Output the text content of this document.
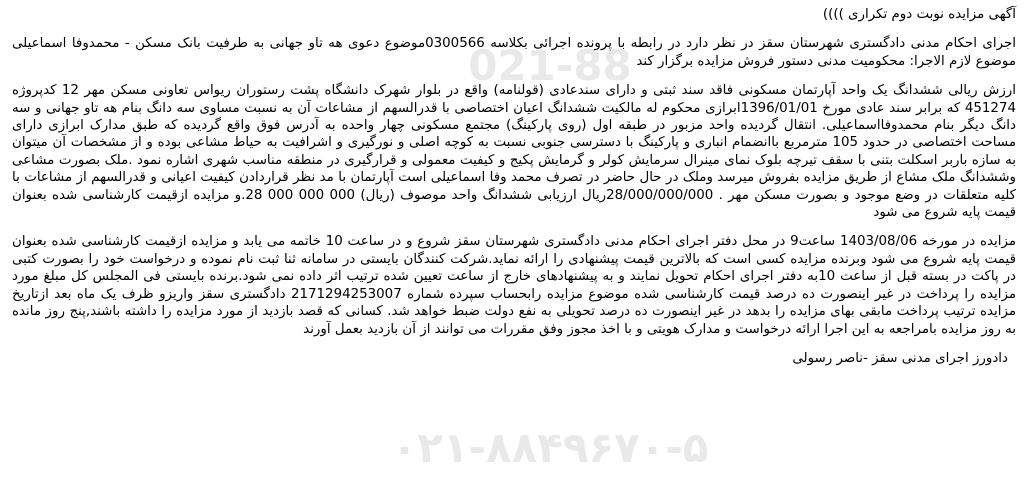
021-88
۰۲۱-۸۸۴۹۶۷۰-۵
آگهی مزایده نوبت دوم تکراری ))))
اجرای احکام مدنی دادگستری شهرستان سقز در نظر دارد در رابطه با پرونده اجرائی بکلاسه 0300566موضوع دعوی هه تاو جهانی به طرفیت بانک مسکن - محمدوفا اسماعیلی موضوع لازم الاجرا: محکومیت مدنی دستور فروش مزایده برگزار کند
ارزش ریالی ششدانگ یک واحد آپارتمان مسکونی فاقد سند ثبتی و دارای سندعادی (قولنامه) واقع در بلوار شهرک دانشگاه پشت رستوران ریواس تعاونی مسکن مهر 12 کدپروژه 451274 که برابر سند عادی مورخ 1396/01/01ابرازی محکوم له مالکیت ششدانگ اعیان اختصاصی با قدرالسهم از مشاعات آن به نسبت مساوی سه دانگ بنام هه تاو جهانی و سه دانگ دیگر بنام محمدوفااسماعیلی. انتقال گردیده واحد مزبور در طبقه اول (روی پارکینگ) مجتمع مسکونی چهار واحده به آدرس فوق واقع گردیده که طبق مدارک ابرازی دارای مساحت اختصاصی در حدود 105 مترمربع باانضمام انباری و پارکینگ با دسترسی جنوبی نسبت به کوچه اصلی و نورگیری و اشرافیت به حیاط مشاعی بوده و از مشخصات آن میتوان به سازه باربر اسکلت بتنی با سقف تیرچه بلوک نمای مینرال سرمایش کولر و گرمایش پکیج و کیفیت معمولی و قرارگیری در منطقه مناسب شهری اشاره نمود .ملک بصورت مشاعی وششدانگ ملک مشاع از طریق مزایده بفروش میرسد وملک در حال حاضر در تصرف محمد وفا اسماعیلی است آپارتمان با مد نظر قراردادن کیفیت اعیانی و قدرالسهم از مشاعات با کلیه متعلقات در وضع موجود و بصورت مسکن مهر . 28/000/000/000ریال ارزیابی ششدانگ واحد موصوف (ریال) 000 000 000 28.و مزایده ازقیمت کارشناسی شده بعنوان قیمت پایه شروع می شود
مزایده در مورخه 1403/08/06 ساعت9 در محل دفتر اجرای احکام مدنی دادگستری شهرستان سقز شروع و در ساعت 10 خاتمه می یابد و مزایده ازقیمت کارشناسی شده بعنوان قیمت پایه شروع می شود وبرنده مزایده کسی است که بالاترین قیمت پیشنهادی را ارائه نماید.شرکت کنندگان بایستی در سامانه ثنا ثبت نام نموده و درخواست خود را بصورت کتبی در پاکت در بسته قبل از ساعت 10به دفتر اجرای احکام تحویل نمایند و به پیشنهادهای خارج از ساعت تعیین شده ترتیب اثر داده نمی شود.برنده بایستی فی المجلس کل مبلغ مورد مزایده را پرداخت در غیر اینصورت ده درصد قیمت کارشناسی شده موضوع مزایده رابحساب سپرده شماره 2171294253007 دادگستری سقز واریزو ظرف یک ماه بعد ازتاریخ مزایده ترتیب پرداخت مابقی بهای مزایده را بدهد در غیر اینصورت ده درصد تحویلی به نفع دولت ضبط خواهد شد. کسانی که قصد بازدید از مورد مزایده را داشته باشند,پنج روز مانده به روز مزایده بامراجعه به این اجرا ارائه درخواست و مدارک هویتی و با اخذ مجوز وفق مقررات می توانند از آن بازدید بعمل آورند
دادورز اجرای مدنی سقز -ناصر رسولی
